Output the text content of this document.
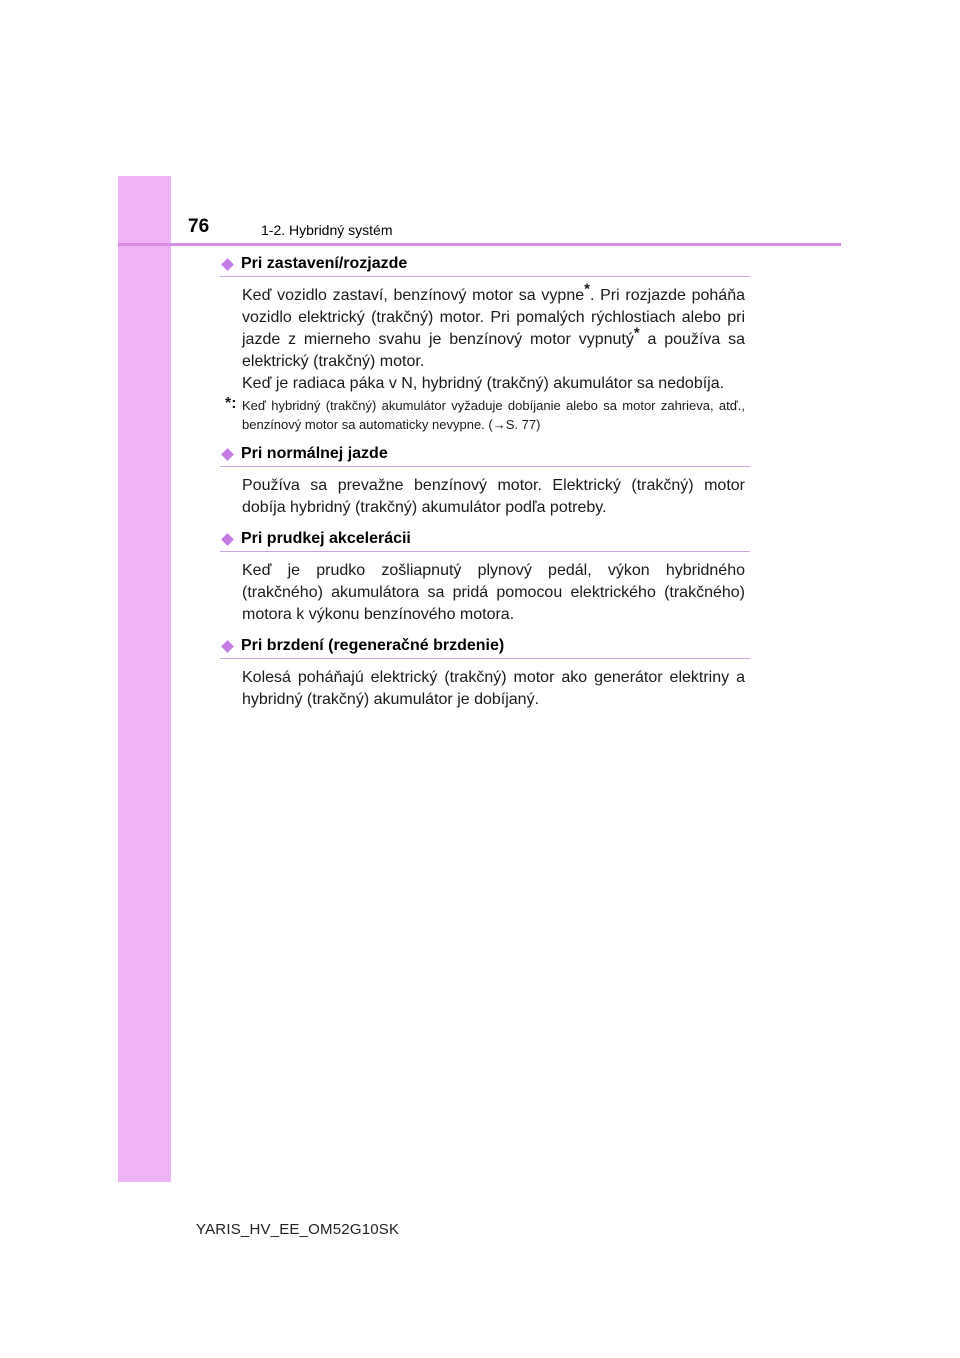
76	1-2. Hybridný systém
Pri zastavení/rozjazde
Keď vozidlo zastaví, benzínový motor sa vypne*. Pri rozjazde poháňa vozidlo elektrický (trakčný) motor. Pri pomalých rýchlostiach alebo pri jazde z mierneho svahu je benzínový motor vypnutý* a používa sa elektrický (trakčný) motor.
Keď je radiaca páka v N, hybridný (trakčný) akumulátor sa nedobíja.
*: Keď hybridný (trakčný) akumulátor vyžaduje dobíjanie alebo sa motor zahrieva, atď., benzínový motor sa automaticky nevypne. (→S. 77)
Pri normálnej jazde
Používa sa prevažne benzínový motor. Elektrický (trakčný) motor dobíja hybridný (trakčný) akumulátor podľa potreby.
Pri prudkej akcelerácii
Keď je prudko zošliapnutý plynový pedál, výkon hybridného (trakčného) akumulátora sa pridá pomocou elektrického (trakčného) motora k výkonu benzínového motora.
Pri brzdení (regeneračné brzdenie)
Kolesá poháňajú elektrický (trakčný) motor ako generátor elektriny a hybridný (trakčný) akumulátor je dobíjaný.
YARIS_HV_EE_OM52G10SK
